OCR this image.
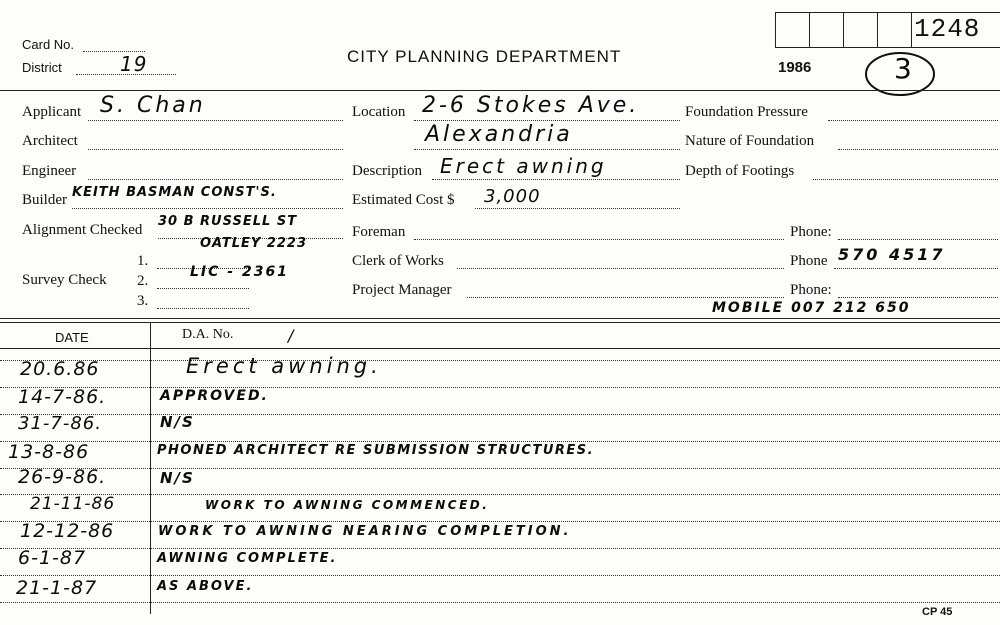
Card No.
District	19	CITY PLANNING DEPARTMENT
1986
1248
3
Applicant S. Chan
Architect
Engineer
Builder KEITH BASMAN CONST'S.
Alignment Checked
30 B RUSSELL ST
OATLEY 2223
Survey Check
1.
2.
LIC - 2361
3.
Location 2-6 Stokes Ave.
Alexandria
Description Erect awning
Estimated Cost $ 3,000
Foreman
Clerk of Works
Project Manager
Foundation Pressure
Nature of Foundation
Depth of Footings
Phone:
Phone 570 4517
Phone:
MOBILE 007 212 650
DATE	D.A. No.	/
20.6.86	Erect awning.
14-7-86.	APPROVED.
31-7-86.	N/S
13-8-86	PHONED ARCHITECT RE SUBMISSION STRUCTURES.
26-9-86.	N/S
21-11-86	WORK TO AWNING COMMENCED.
12-12-86	WORK TO AWNING NEARING COMPLETION.
6-1-87	AWNING COMPLETE.
21-1-87	AS ABOVE.
CP 45
